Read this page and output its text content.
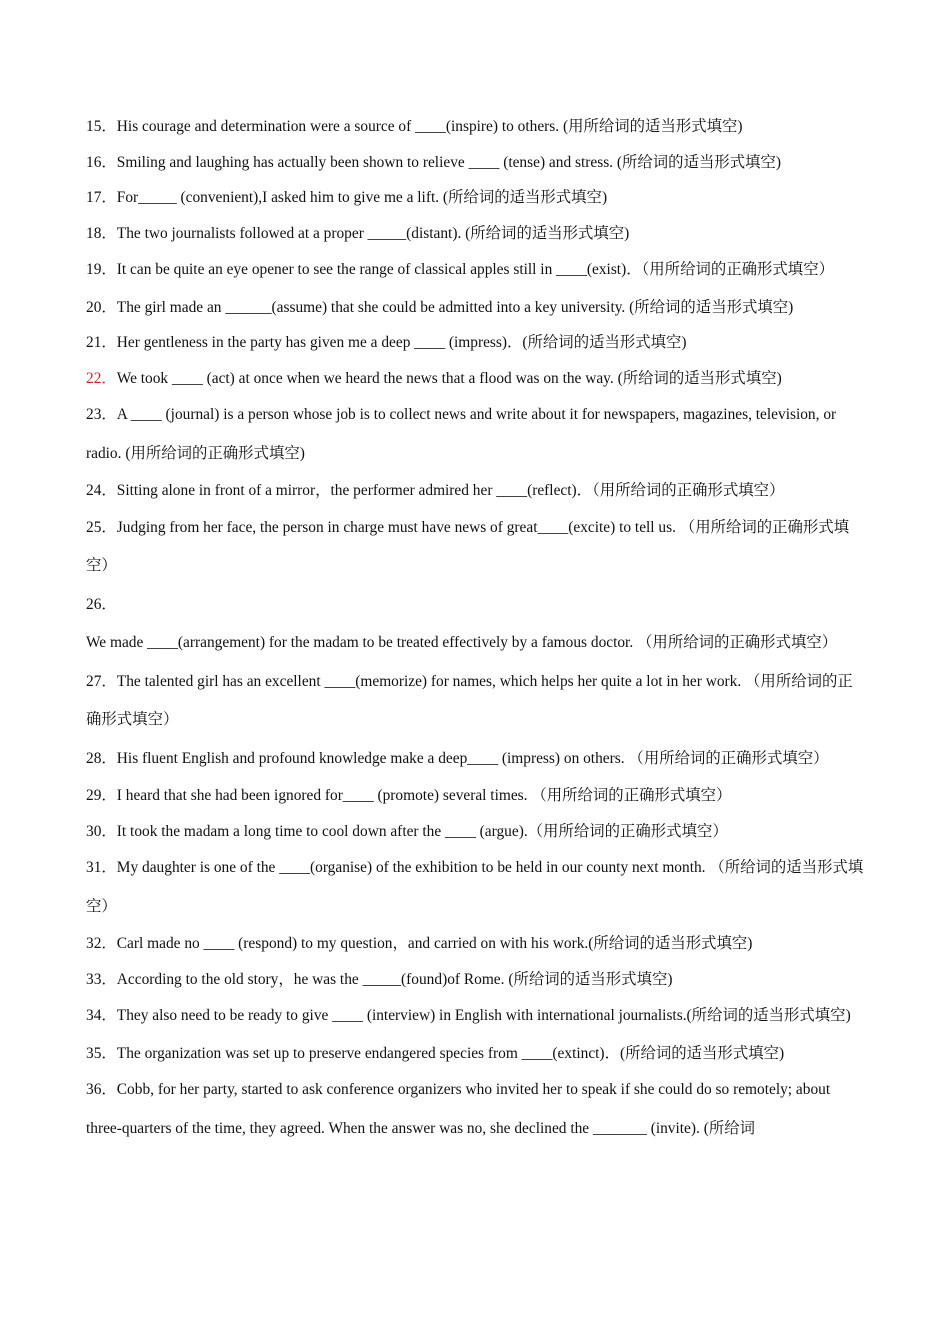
15．His courage and determination were a source of ____(inspire) to others. (用所给词的适当形式填空)

16．Smiling and laughing has actually been shown to relieve ____ (tense) and stress. (所给词的适当形式填空)

17．For_____ (convenient),I asked him to give me a lift. (所给词的适当形式填空)

18．The two journalists followed at a proper _____(distant). (所给词的适当形式填空)

19．It can be quite an eye opener to see the range of classical apples still in ____(exist)．（用所给词的正确形式填空）

20．The girl made an ______(assume) that she could be admitted into a key university. (所给词的适当形式填空)

21．Her gentleness in the party has given me a deep ____ (impress)．(所给词的适当形式填空)

22．We took ____ (act) at once when we heard the news that a flood was on the way. (所给词的适当形式填空)

23．A ____ (journal) is a person whose job is to collect news and write about it for newspapers, magazines, television, or radio. (用所给词的正确形式填空)

24．Sitting alone in front of a mirror，the performer admired her ____(reflect)．（用所给词的正确形式填空）

25．Judging from her face, the person in charge must have news of great____(excite) to tell us. （用所给词的正确形式填空）

26．We made ____(arrangement) for the madam to be treated effectively by a famous doctor. （用所给词的正确形式填空）

27．The talented girl has an excellent ____(memorize) for names, which helps her quite a lot in her work. （用所给词的正确形式填空）

28．His fluent English and profound knowledge make a deep____ (impress) on others. （用所给词的正确形式填空）

29．I heard that she had been ignored for____ (promote) several times. （用所给词的正确形式填空）

30．It took the madam a long time to cool down after the ____ (argue).（用所给词的正确形式填空）

31．My daughter is one of the ____(organise) of the exhibition to be held in our county next month. （所给词的适当形式填空）

32．Carl made no ____ (respond) to my question，and carried on with his work.(所给词的适当形式填空)

33．According to the old story，he was the _____(found)of Rome. (所给词的适当形式填空)

34．They also need to be ready to give ____ (interview) in English with international journalists.(所给词的适当形式填空)

35．The organization was set up to preserve endangered species from ____(extinct)．(所给词的适当形式填空)

36．Cobb, for her party, started to ask conference organizers who invited her to speak if she could do so remotely; about three-quarters of the time, they agreed. When the answer was no, she declined the _______ (invite). (所给词
